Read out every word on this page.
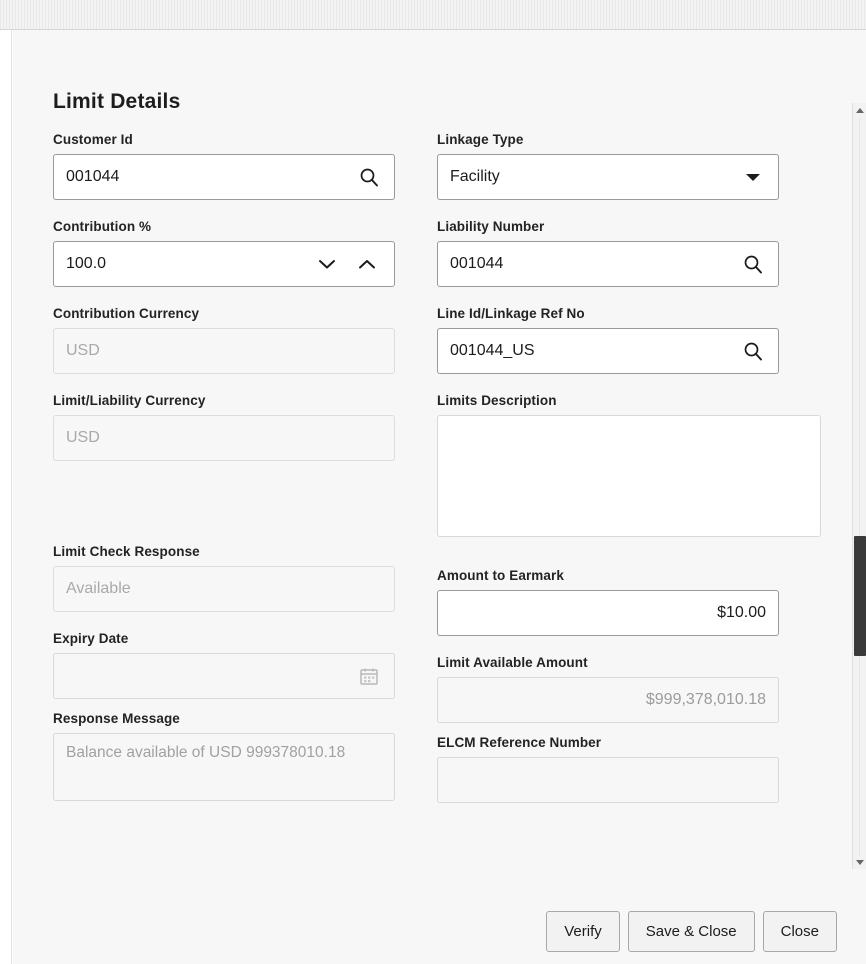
Limit Details
Customer Id
001044
Contribution %
100.0
Contribution Currency
USD
Limit/Liability Currency
USD
Limit Check Response
Available
Expiry Date
Response Message
Balance available of USD 999378010.18
Linkage Type
Facility
Liability Number
001044
Line Id/Linkage Ref No
001044_US
Limits Description
Amount to Earmark
$10.00
Limit Available Amount
$999,378,010.18
ELCM Reference Number
Verify	Save & Close	Close
